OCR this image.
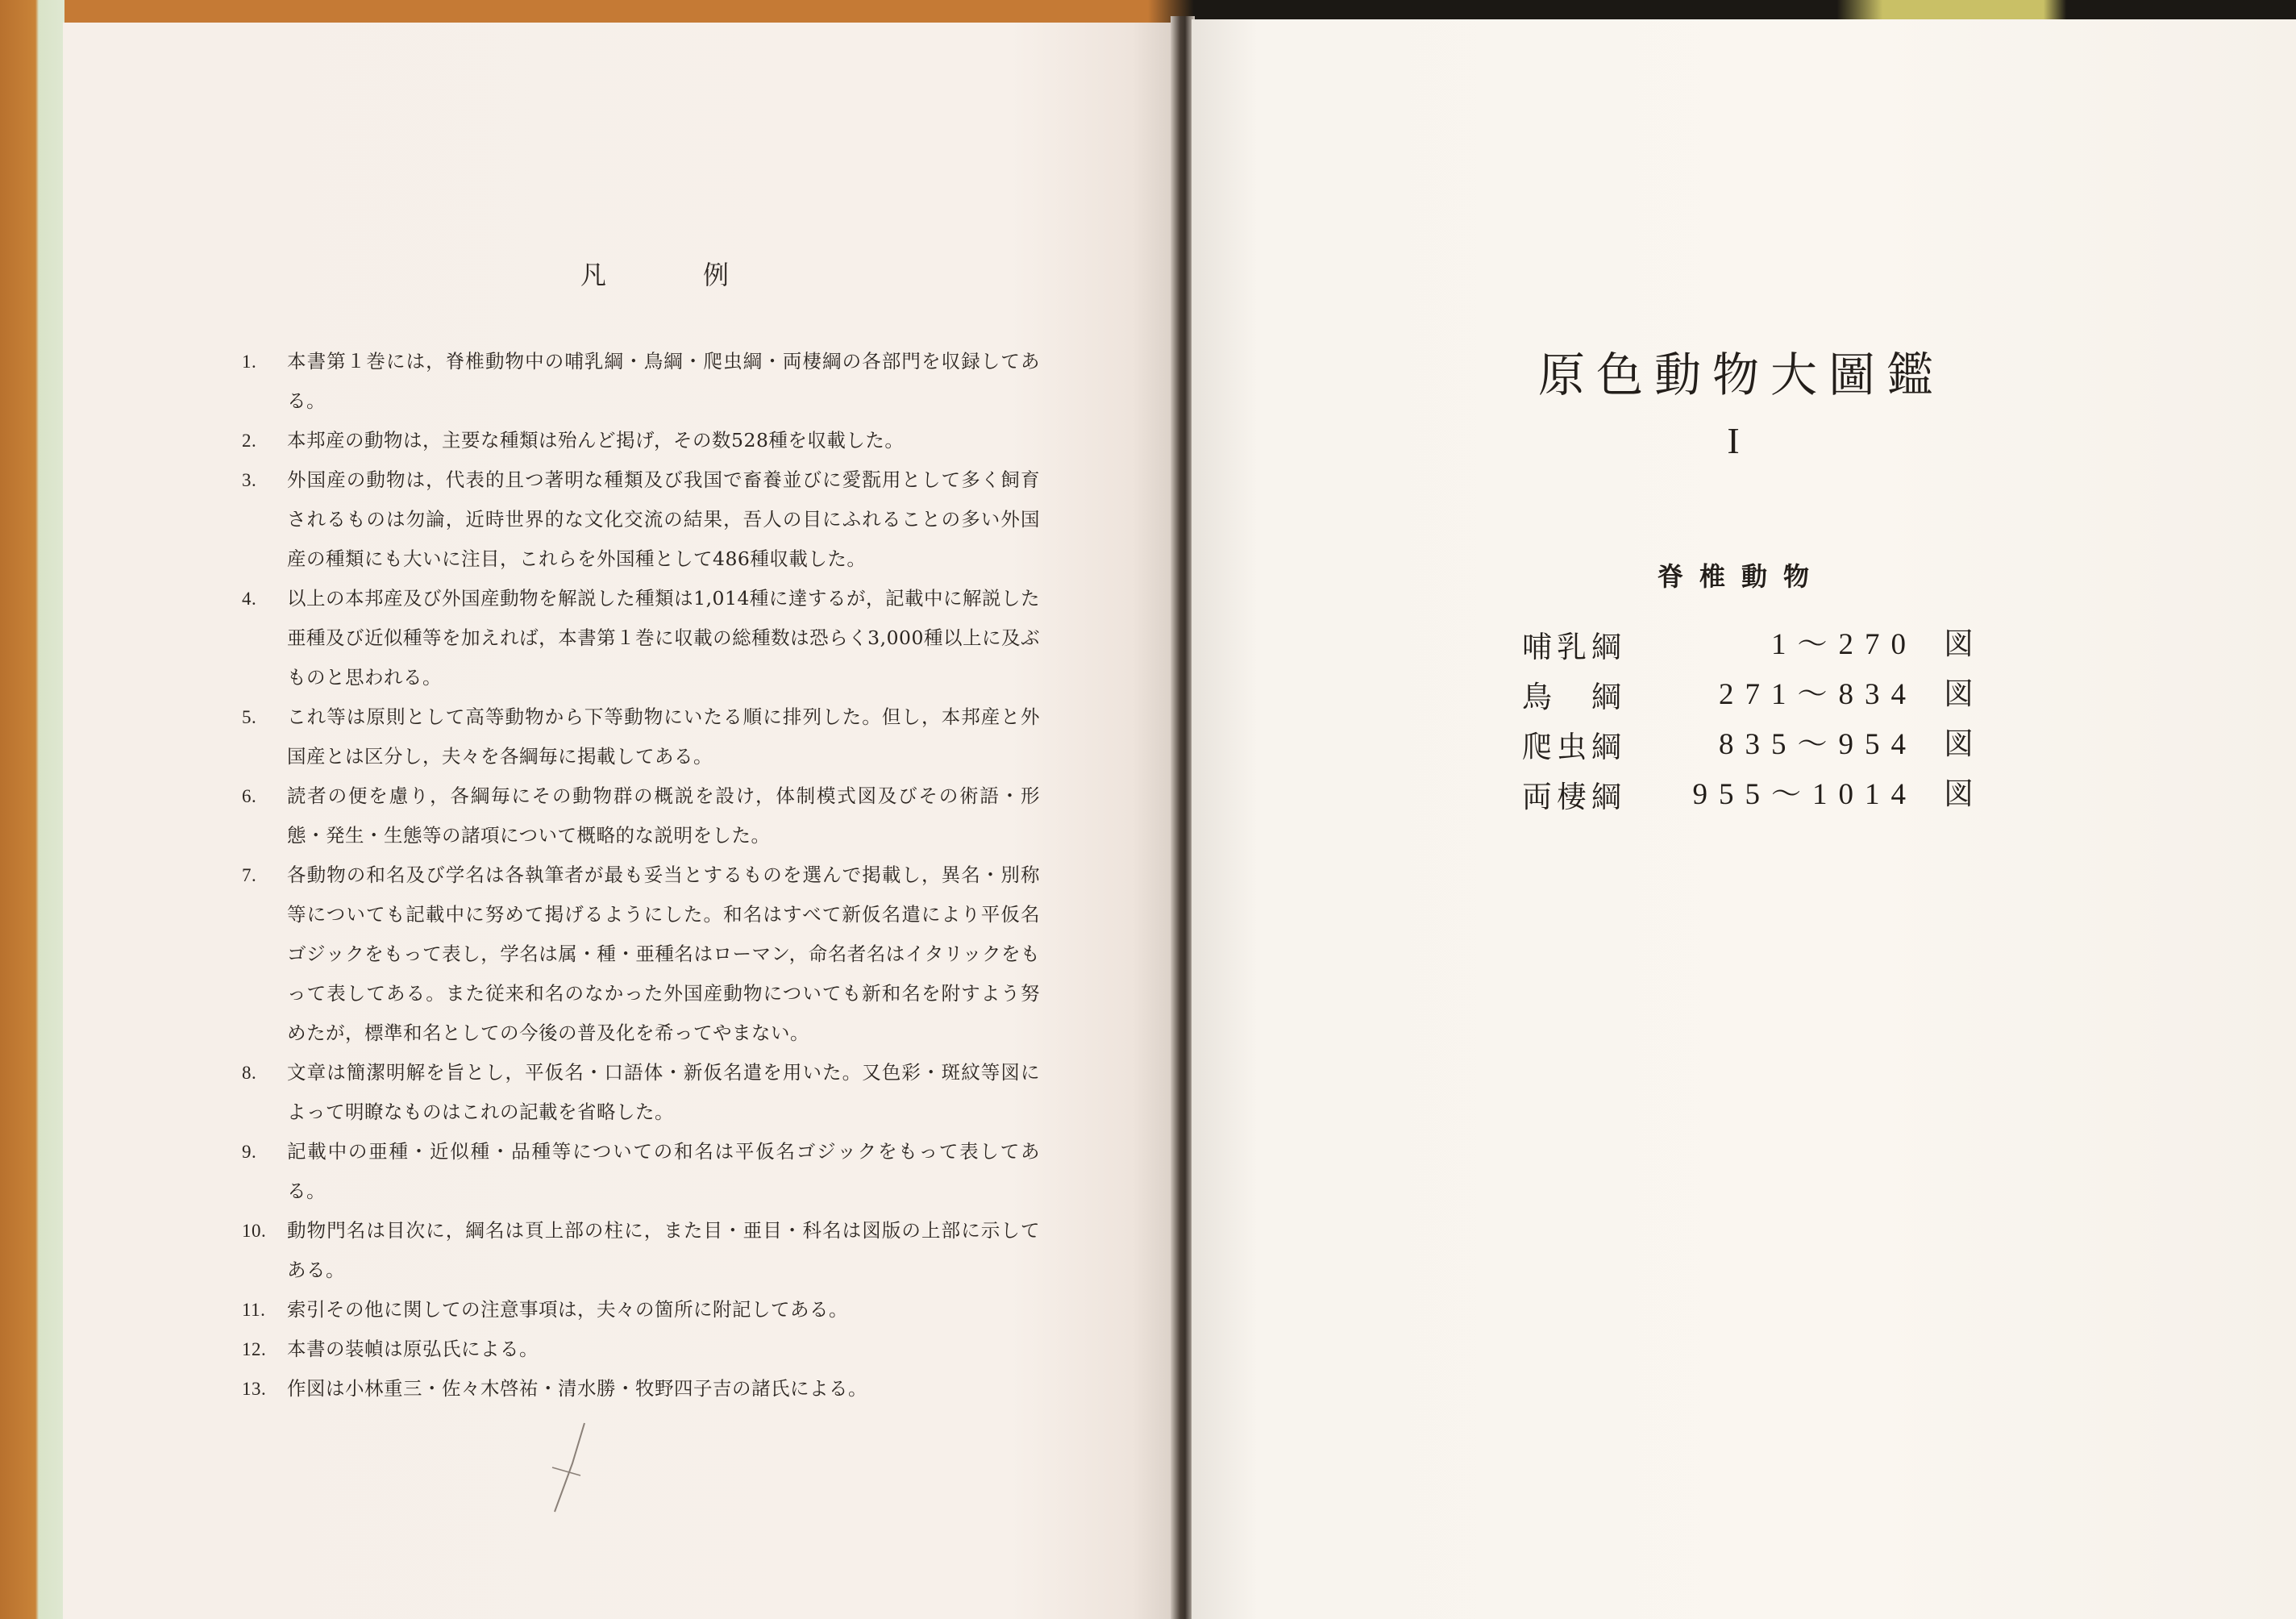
凡　例
1.	本書第１巻には，脊椎動物中の哺乳綱・鳥綱・爬虫綱・両棲綱の各部門を収録してある。
2.	本邦産の動物は，主要な種類は殆んど掲げ，その数528種を収載した。
3.	外国産の動物は，代表的且つ著明な種類及び我国で畜養並びに愛翫用として多く飼育されるものは勿論，近時世界的な文化交流の結果，吾人の目にふれることの多い外国産の種類にも大いに注目，これらを外国種として486種収載した。
4.	以上の本邦産及び外国産動物を解説した種類は1,014種に達するが，記載中に解説した亜種及び近似種等を加えれば，本書第１巻に収載の総種数は恐らく3,000種以上に及ぶものと思われる。
5.	これ等は原則として高等動物から下等動物にいたる順に排列した。但し，本邦産と外国産とは区分し，夫々を各綱毎に掲載してある。
6.	読者の便を慮り，各綱毎にその動物群の概説を設け，体制模式図及びその術語・形態・発生・生態等の諸項について概略的な説明をした。
7.	各動物の和名及び学名は各執筆者が最も妥当とするものを選んで掲載し，異名・別称等についても記載中に努めて掲げるようにした。和名はすべて新仮名遣により平仮名ゴジックをもって表し，学名は属・種・亜種名はローマン，命名者名はイタリックをもって表してある。また従来和名のなかった外国産動物についても新和名を附すよう努めたが，標準和名としての今後の普及化を希ってやまない。
8.	文章は簡潔明解を旨とし，平仮名・口語体・新仮名遣を用いた。又色彩・斑紋等図によって明瞭なものはこれの記載を省略した。
9.	記載中の亜種・近似種・品種等についての和名は平仮名ゴジックをもって表してある。
10.	動物門名は目次に，綱名は頁上部の柱に，また目・亜目・科名は図版の上部に示してある。
11.	索引その他に関しての注意事項は，夫々の箇所に附記してある。
12.	本書の装幀は原弘氏による。
13.	作図は小林重三・佐々木啓祐・清水勝・牧野四子吉の諸氏による。
原色動物大圖鑑
I
脊椎動物
哺乳綱	1〜270 図
鳥　綱	271〜834 図
爬虫綱	835〜954 図
両棲綱	955〜1014 図
